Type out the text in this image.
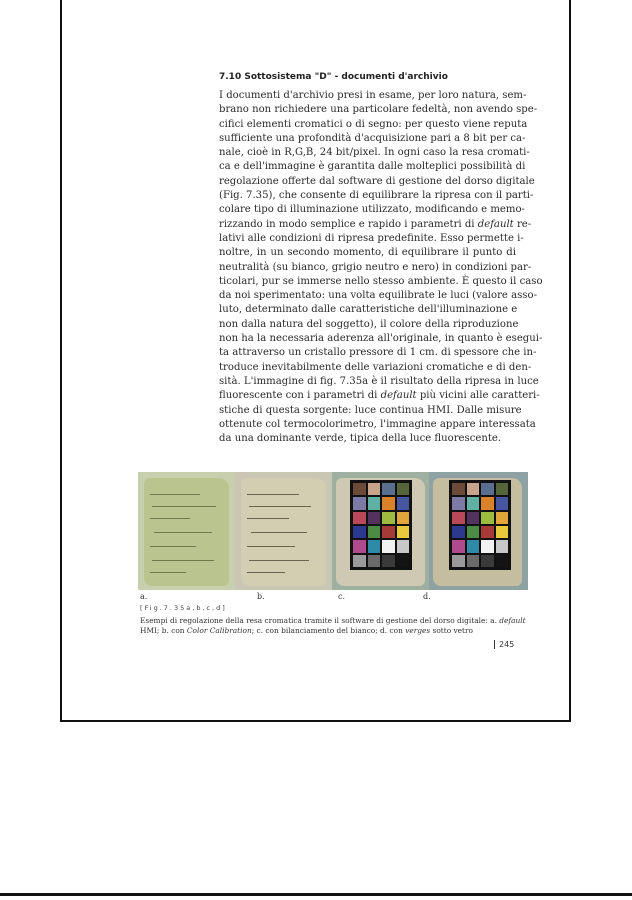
7.10 Sottosistema "D" - documenti d'archivio
I documenti d'archivio presi in esame, per loro natura, sem-
brano non richiedere una particolare fedeltà, non avendo spe-
cifici elementi cromatici o di segno: per questo viene reputa
sufficiente una profondità d'acquisizione pari a 8 bit per ca-
nale, cioè in R,G,B, 24 bit/pixel. In ogni caso la resa cromati-
ca e dell'immagine è garantita dalle molteplici possibilità di
regolazione offerte dal software di gestione del dorso digitale
(Fig. 7.35), che consente di equilibrare la ripresa con il parti-
colare tipo di illuminazione utilizzato, modificando e memo-
rizzando in modo semplice e rapido i parametri di default re-
lativi alle condizioni di ripresa predefinite. Esso permette i-
noltre, in un secondo momento, di equilibrare il punto di
neutralità (su bianco, grigio neutro e nero) in condizioni par-
ticolari, pur se immerse nello stesso ambiente. È questo il caso
da noi sperimentato: una volta equilibrate le luci (valore asso-
luto, determinato dalle caratteristiche dell'illuminazione e
non dalla natura del soggetto), il colore della riproduzione
non ha la necessaria aderenza all'originale, in quanto è esegui-
ta attraverso un cristallo pressore di 1 cm. di spessore che in-
troduce inevitabilmente delle variazioni cromatiche e di den-
sità. L'immagine di fig. 7.35a è il risultato della ripresa in luce
fluorescente con i parametri di default più vicini alle caratteri-
stiche di questa sorgente: luce continua HMI. Dalle misure
ottenute col termocolorimetro, l'immagine appare interessata
da una dominante verde, tipica della luce fluorescente.
a.	b.	c.	d.
[Fig.7.35a,b,c,d]
Esempi di regolazione della resa cromatica tramite il software di gestione del dorso digitale: a. default
HMI; b. con Color Calibration; c. con bilanciamento del bianco; d. con verges sotto vetro
245
